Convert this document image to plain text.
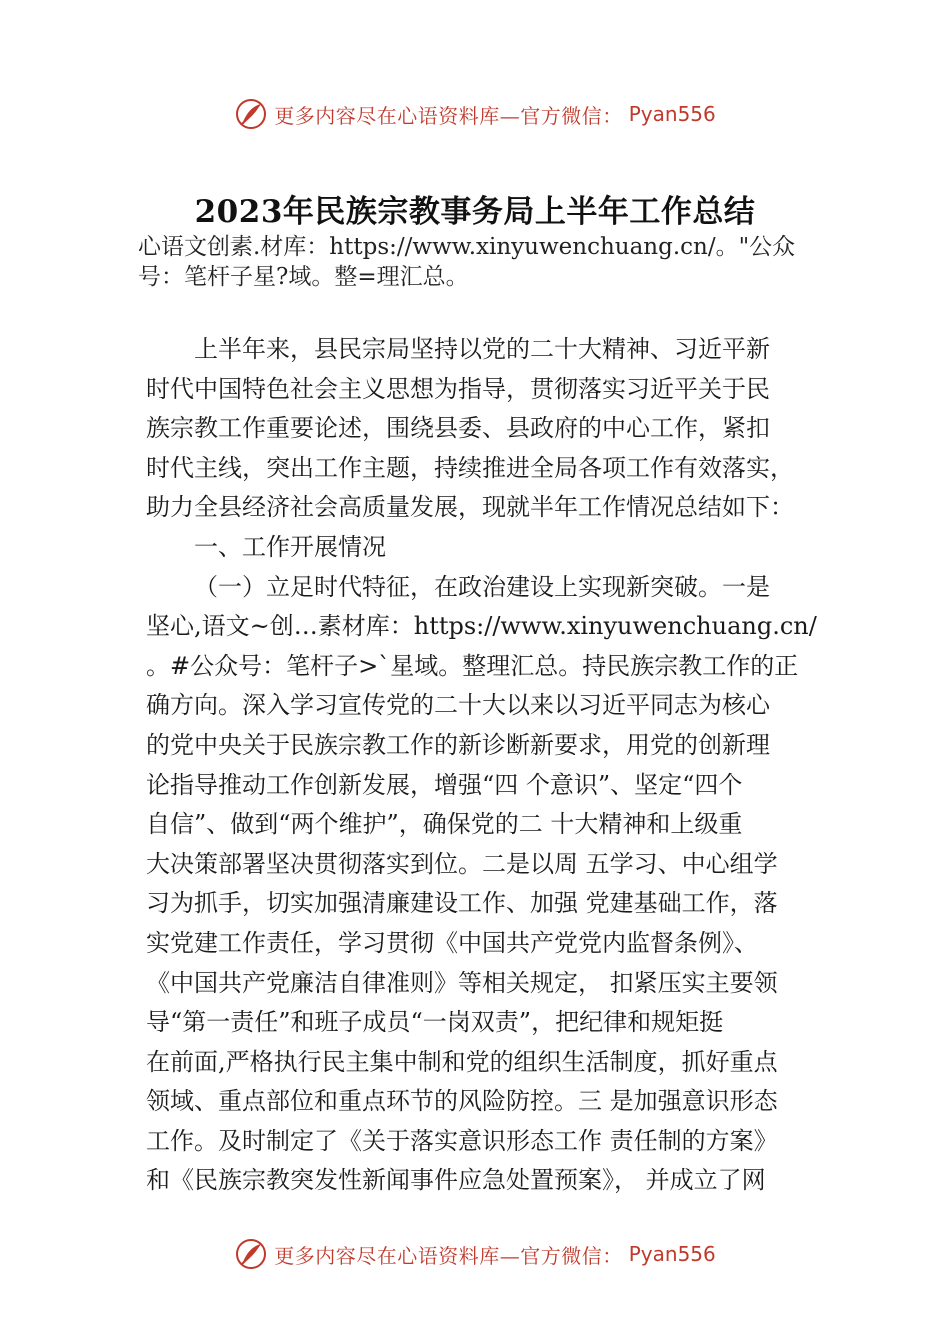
更多内容尽在心语资料库—官方微信： Pyan556
2023年民族宗教事务局上半年工作总结
心语文创素.材库：https://www.xinyuwenchuang.cn/。"公众
号：笔杆子星?域。整=理汇总。
上半年来，县民宗局坚持以党的二十大精神、习近平新
时代中国特色社会主义思想为指导，贯彻落实习近平关于民
族宗教工作重要论述，围绕县委、县政府的中心工作，紧扣
时代主线，突出工作主题，持续推进全局各项工作有效落实，
助力全县经济社会高质量发展，现就半年工作情况总结如下：
一、工作开展情况
（一）立足时代特征，在政治建设上实现新突破。一是
坚心,语文~创…素材库：https://www.xinyuwenchuang.cn/
。#公众号：笔杆子>`星域。整理汇总。持民族宗教工作的正
确方向。深入学习宣传党的二十大以来以习近平同志为核心
的党中央关于民族宗教工作的新诊断新要求，用党的创新理
论指导推动工作创新发展，增强“四 个意识”、坚定“四个
自信”、做到“两个维护”，确保党的二 十大精神和上级重
大决策部署坚决贯彻落实到位。二是以周 五学习、中心组学
习为抓手，切实加强清廉建设工作、加强 党建基础工作，落
实党建工作责任，学习贯彻《中国共产党党内监督条例》、
《中国共产党廉洁自律准则》等相关规定， 扣紧压实主要领
导“第一责任”和班子成员“一岗双责”，把纪律和规矩挺
在前面,严格执行民主集中制和党的组织生活制度，抓好重点
领域、重点部位和重点环节的风险防控。三 是加强意识形态
工作。及时制定了《关于落实意识形态工作 责任制的方案》
和《民族宗教突发性新闻事件应急处置预案》， 并成立了网
更多内容尽在心语资料库—官方微信： Pyan556
